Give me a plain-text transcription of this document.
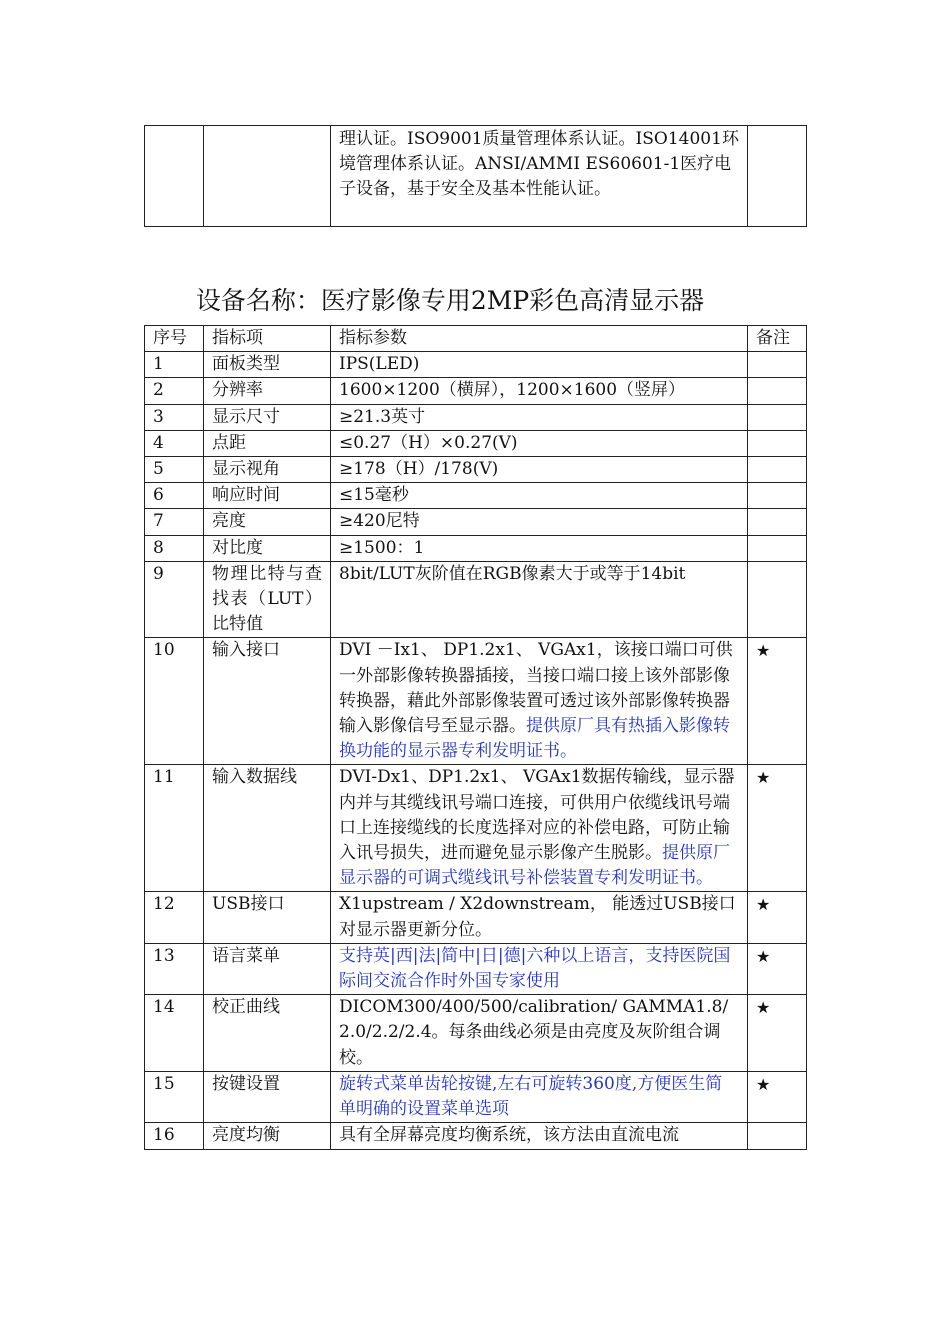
		理认证。ISO9001质量管理体系认证。ISO14001环境管理体系认证。ANSI/AMMI ES60601-1医疗电子设备，基于安全及基本性能认证。	
设备名称：医疗影像专用2MP彩色高清显示器
序号	指标项	指标参数	备注
1	面板类型	IPS(LED)	
2	分辨率	1600×1200（横屏），1200×1600（竖屏）	
3	显示尺寸	≥21.3英寸	
4	点距	≤0.27（H）×0.27(V)	
5	显示视角	≥178（H）/178(V)	
6	响应时间	≤15毫秒	
7	亮度	≥420尼特	
8	对比度	≥1500：1	
9	物理比特与查找表（LUT）比特值	8bit/LUT灰阶值在RGB像素大于或等于14bit	
10	输入接口	DVI －Ix1、 DP1.2x1、 VGAx1，该接口端口可供一外部影像转换器插接，当接口端口接上该外部影像转换器，藉此外部影像装置可透过该外部影像转换器输入影像信号至显示器。提供原厂具有热插入影像转换功能的显示器专利发明证书。	★
11	输入数据线	DVI-Dx1、DP1.2x1、 VGAx1数据传输线，显示器内并与其缆线讯号端口连接，可供用户依缆线讯号端口上连接缆线的长度选择对应的补偿电路，可防止输入讯号损失，进而避免显示影像产生脱影。提供原厂显示器的可调式缆线讯号补偿装置专利发明证书。	★
12	USB接口	X1upstream / X2downstream， 能透过USB接口对显示器更新分位。	★
13	语言菜单	支持英|西|法|简中|日|德|六种以上语言，支持医院国际间交流合作时外国专家使用	★
14	校正曲线	DICOM300/400/500/calibration/ GAMMA1.8/2.0/2.2/2.4。每条曲线必须是由亮度及灰阶组合调校。	★
15	按键设置	旋转式菜单齿轮按键,左右可旋转360度,方便医生简单明确的设置菜单选项	★
16	亮度均衡	具有全屏幕亮度均衡系统，该方法由直流电流	
